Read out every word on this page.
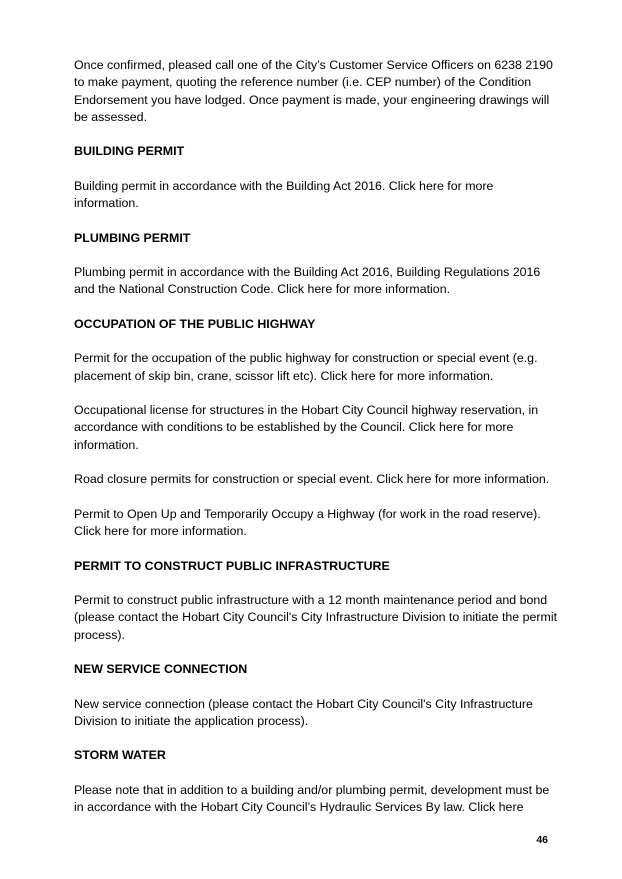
Once confirmed, pleased call one of the City’s Customer Service Officers on 6238 2190 to make payment, quoting the reference number (i.e. CEP number) of the Condition Endorsement you have lodged. Once payment is made, your engineering drawings will be assessed.

BUILDING PERMIT

Building permit in accordance with the Building Act 2016. Click here for more information.

PLUMBING PERMIT

Plumbing permit in accordance with the Building Act 2016, Building Regulations 2016 and the National Construction Code. Click here for more information.

OCCUPATION OF THE PUBLIC HIGHWAY

Permit for the occupation of the public highway for construction or special event (e.g. placement of skip bin, crane, scissor lift etc). Click here for more information.

Occupational license for structures in the Hobart City Council highway reservation, in accordance with conditions to be established by the Council. Click here for more information.

Road closure permits for construction or special event. Click here for more information.

Permit to Open Up and Temporarily Occupy a Highway (for work in the road reserve). Click here for more information.

PERMIT TO CONSTRUCT PUBLIC INFRASTRUCTURE

Permit to construct public infrastructure with a 12 month maintenance period and bond (please contact the Hobart City Council's City Infrastructure Division to initiate the permit process).

NEW SERVICE CONNECTION

New service connection (please contact the Hobart City Council's City Infrastructure Division to initiate the application process).

STORM WATER

Please note that in addition to a building and/or plumbing permit, development must be in accordance with the Hobart City Council’s Hydraulic Services By law. Click here

46
